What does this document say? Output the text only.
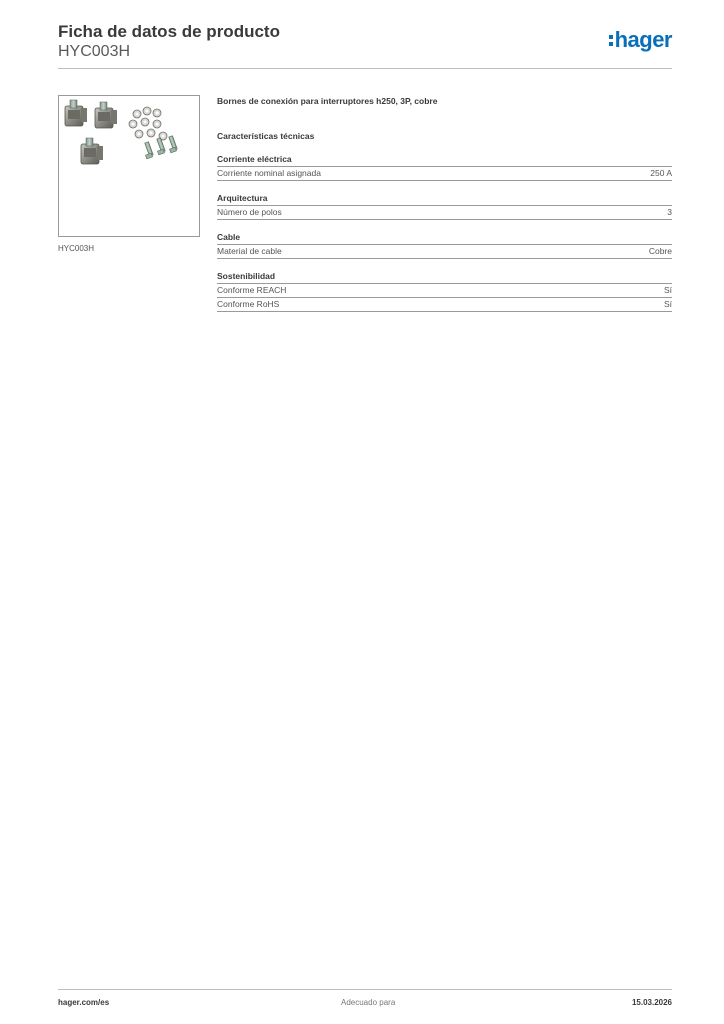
Ficha de datos de producto
HYC003H	hager
HYC003H
Bornes de conexión para interruptores h250, 3P, cobre
Características técnicas
Corriente eléctrica
Corriente nominal asignada	250 A
Arquitectura
Número de polos	3
Cable
Material de cable	Cobre
Sostenibilidad
Conforme REACH	Sí
Conforme RoHS	Sí
hager.com/es	Adecuado para	15.03.2026
